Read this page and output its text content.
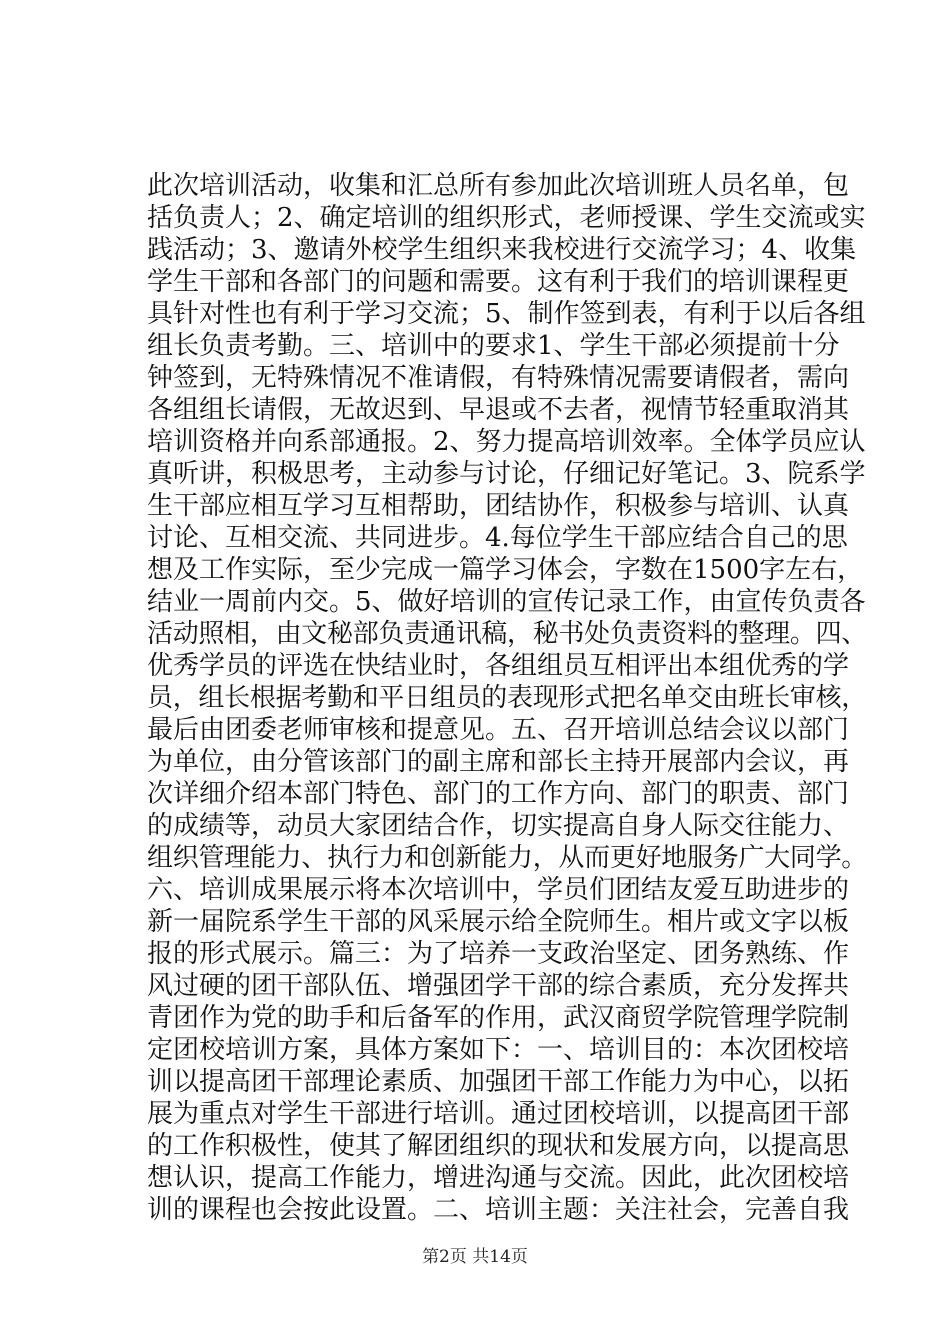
此次培训活动，收集和汇总所有参加此次培训班人员名单，包
括负责人；2、确定培训的组织形式，老师授课、学生交流或实
践活动；3、邀请外校学生组织来我校进行交流学习；4、收集
学生干部和各部门的问题和需要。这有利于我们的培训课程更
具针对性也有利于学习交流；5、制作签到表，有利于以后各组
组长负责考勤。三、培训中的要求1、学生干部必须提前十分
钟签到，无特殊情况不准请假，有特殊情况需要请假者，需向
各组组长请假，无故迟到、早退或不去者，视情节轻重取消其
培训资格并向系部通报。2、努力提高培训效率。全体学员应认
真听讲，积极思考，主动参与讨论，仔细记好笔记。3、院系学
生干部应相互学习互相帮助，团结协作，积极参与培训、认真
讨论、互相交流、共同进步。4.每位学生干部应结合自己的思
想及工作实际，至少完成一篇学习体会，字数在1500字左右，
结业一周前内交。5、做好培训的宣传记录工作，由宣传负责各
活动照相，由文秘部负责通讯稿，秘书处负责资料的整理。四、
优秀学员的评选在快结业时，各组组员互相评出本组优秀的学
员，组长根据考勤和平日组员的表现形式把名单交由班长审核，
最后由团委老师审核和提意见。五、召开培训总结会议以部门
为单位，由分管该部门的副主席和部长主持开展部内会议，再
次详细介绍本部门特色、部门的工作方向、部门的职责、部门
的成绩等，动员大家团结合作，切实提高自身人际交往能力、
组织管理能力、执行力和创新能力，从而更好地服务广大同学。
六、培训成果展示将本次培训中，学员们团结友爱互助进步的
新一届院系学生干部的风采展示给全院师生。相片或文字以板
报的形式展示。篇三：为了培养一支政治坚定、团务熟练、作
风过硬的团干部队伍、增强团学干部的综合素质，充分发挥共
青团作为党的助手和后备军的作用，武汉商贸学院管理学院制
定团校培训方案，具体方案如下：一、培训目的：本次团校培
训以提高团干部理论素质、加强团干部工作能力为中心，以拓
展为重点对学生干部进行培训。通过团校培训，以提高团干部
的工作积极性，使其了解团组织的现状和发展方向，以提高思
想认识，提高工作能力，增进沟通与交流。因此，此次团校培
训的课程也会按此设置。二、培训主题：关注社会，完善自我
第2页 共14页
